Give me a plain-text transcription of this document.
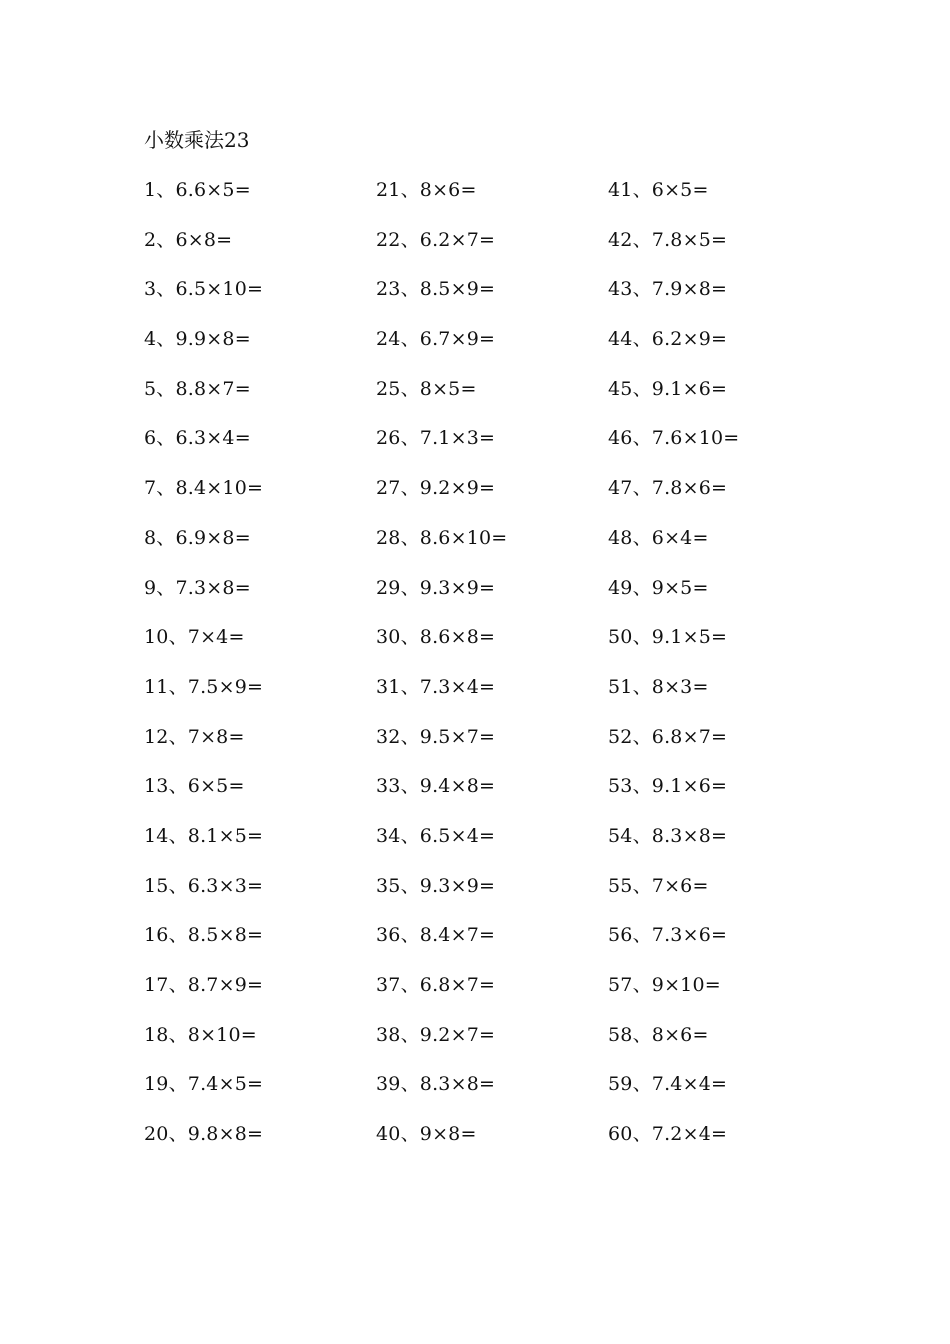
小数乘法23
1、6.6×5=	21、8×6=	41、6×5=
2、6×8=	22、6.2×7=	42、7.8×5=
3、6.5×10=	23、8.5×9=	43、7.9×8=
4、9.9×8=	24、6.7×9=	44、6.2×9=
5、8.8×7=	25、8×5=	45、9.1×6=
6、6.3×4=	26、7.1×3=	46、7.6×10=
7、8.4×10=	27、9.2×9=	47、7.8×6=
8、6.9×8=	28、8.6×10=	48、6×4=
9、7.3×8=	29、9.3×9=	49、9×5=
10、7×4=	30、8.6×8=	50、9.1×5=
11、7.5×9=	31、7.3×4=	51、8×3=
12、7×8=	32、9.5×7=	52、6.8×7=
13、6×5=	33、9.4×8=	53、9.1×6=
14、8.1×5=	34、6.5×4=	54、8.3×8=
15、6.3×3=	35、9.3×9=	55、7×6=
16、8.5×8=	36、8.4×7=	56、7.3×6=
17、8.7×9=	37、6.8×7=	57、9×10=
18、8×10=	38、9.2×7=	58、8×6=
19、7.4×5=	39、8.3×8=	59、7.4×4=
20、9.8×8=	40、9×8=	60、7.2×4=
